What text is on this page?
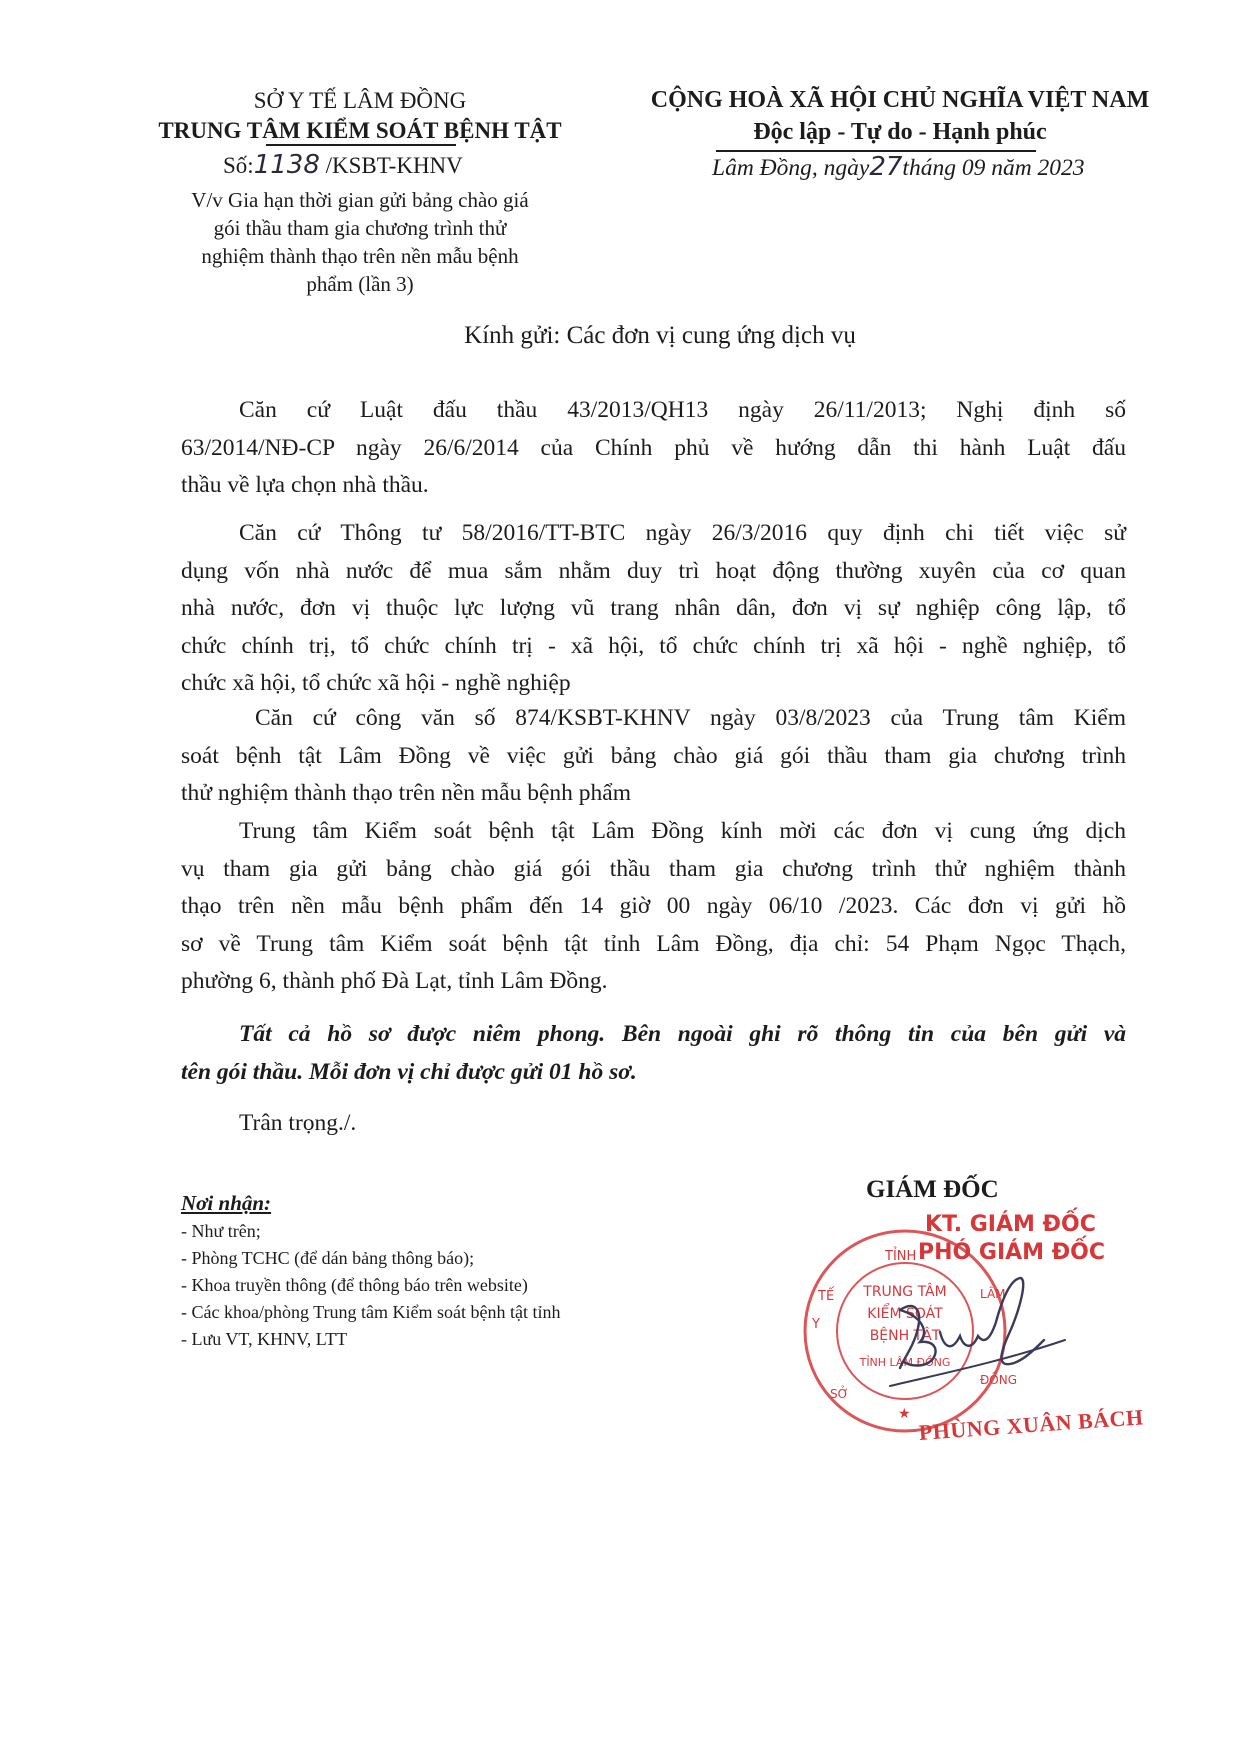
SỞ Y TẾ LÂM ĐỒNG
TRUNG TÂM KIỂM SOÁT BỆNH TẬT
Số:1138 /KSBT-KHNV
V/v Gia hạn thời gian gửi bảng chào giá
gói thầu tham gia chương trình thử
nghiệm thành thạo trên nền mẫu bệnh
phẩm (lần 3)
CỘNG HOÀ XÃ HỘI CHỦ NGHĨA VIỆT NAM
Độc lập - Tự do - Hạnh phúc
Lâm Đồng, ngày27tháng 09 năm 2023
Kính gửi: Các đơn vị cung ứng dịch vụ
Căn cứ Luật đấu thầu 43/2013/QH13 ngày 26/11/2013; Nghị định số
63/2014/NĐ-CP ngày 26/6/2014 của Chính phủ về hướng dẫn thi hành Luật đấu
thầu về lựa chọn nhà thầu.
Căn cứ Thông tư 58/2016/TT-BTC ngày 26/3/2016 quy định chi tiết việc sử
dụng vốn nhà nước để mua sắm nhằm duy trì hoạt động thường xuyên của cơ quan
nhà nước, đơn vị thuộc lực lượng vũ trang nhân dân, đơn vị sự nghiệp công lập, tổ
chức chính trị, tổ chức chính trị - xã hội, tổ chức chính trị xã hội - nghề nghiệp, tổ
chức xã hội, tổ chức xã hội - nghề nghiệp
Căn cứ công văn số 874/KSBT-KHNV ngày 03/8/2023 của Trung tâm Kiểm
soát bệnh tật Lâm Đồng về việc gửi bảng chào giá gói thầu tham gia chương trình
thử nghiệm thành thạo trên nền mẫu bệnh phẩm
Trung tâm Kiểm soát bệnh tật Lâm Đồng kính mời các đơn vị cung ứng dịch
vụ tham gia gửi bảng chào giá gói thầu tham gia chương trình thử nghiệm thành
thạo trên nền mẫu bệnh phẩm đến 14 giờ 00 ngày 06/10 /2023. Các đơn vị gửi hồ
sơ về Trung tâm Kiểm soát bệnh tật tỉnh Lâm Đồng, địa chỉ: 54 Phạm Ngọc Thạch,
phường 6, thành phố Đà Lạt, tỉnh Lâm Đồng.
Tất cả hồ sơ được niêm phong. Bên ngoài ghi rõ thông tin của bên gửi và
tên gói thầu. Mỗi đơn vị chỉ được gửi 01 hồ sơ.
Trân trọng./.
Nơi nhận:
- Như trên;
- Phòng TCHC (để dán bảng thông báo);
- Khoa truyền thông (để thông báo trên website)
- Các khoa/phòng Trung tâm Kiểm soát bệnh tật tỉnh
- Lưu VT, KHNV, LTT
GIÁM ĐỐC
KT. GIÁM ĐỐC
PHÓ GIÁM ĐỐC
TỈNH
TRUNG TÂM
KIỂM SOÁT
BỆNH TẬT
TỈNH LÂM ĐỒNG
Y
TẾ	LÂM
ĐỒNG
SỞ
★ PHÙNG XUÂN BÁCH
